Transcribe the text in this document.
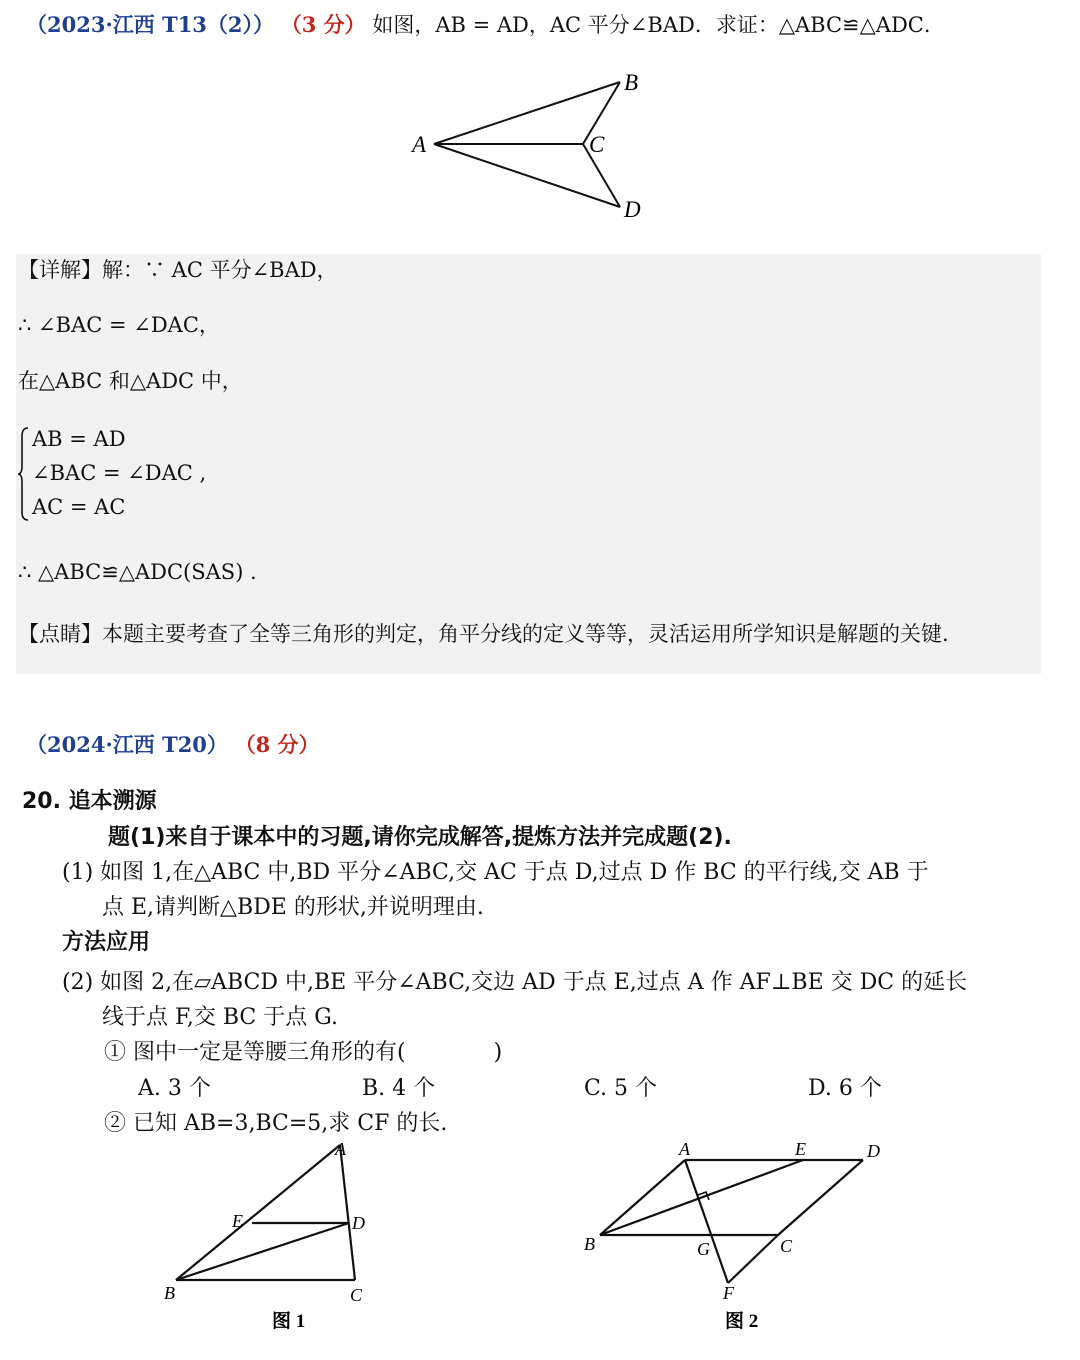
（2023·江西 T13（2）） （3 分） 如图，AB = AD，AC 平分∠BAD．求证：△ABC≌△ADC．
A
B
C
D
【详解】解：∵ AC 平分∠BAD，
∴ ∠BAC = ∠DAC，
在△ABC 和△ADC 中，
AB = AD
∠BAC = ∠DAC ,
AC = AC
∴ △ABC≌△ADC(SAS) .
【点睛】本题主要考查了全等三角形的判定，角平分线的定义等等，灵活运用所学知识是解题的关键.
（2024·江西 T20） （8 分）
20. 追本溯源
题(1)来自于课本中的习题,请你完成解答,提炼方法并完成题(2).
(1) 如图 1,在△ABC 中,BD 平分∠ABC,交 AC 于点 D,过点 D 作 BC 的平行线,交 AB 于
点 E,请判断△BDE 的形状,并说明理由.
方法应用
(2) 如图 2,在▱ABCD 中,BE 平分∠ABC,交边 AD 于点 E,过点 A 作 AF⊥BE 交 DC 的延长
线于点 F,交 BC 于点 G.
① 图中一定是等腰三角形的有(　　　　)
A. 3 个	B. 4 个	C. 5 个	D. 6 个
② 已知 AB=3,BC=5,求 CF 的长.
A
E	D
B	C
图 1
A	E	D
B	G	C
F
图 2
